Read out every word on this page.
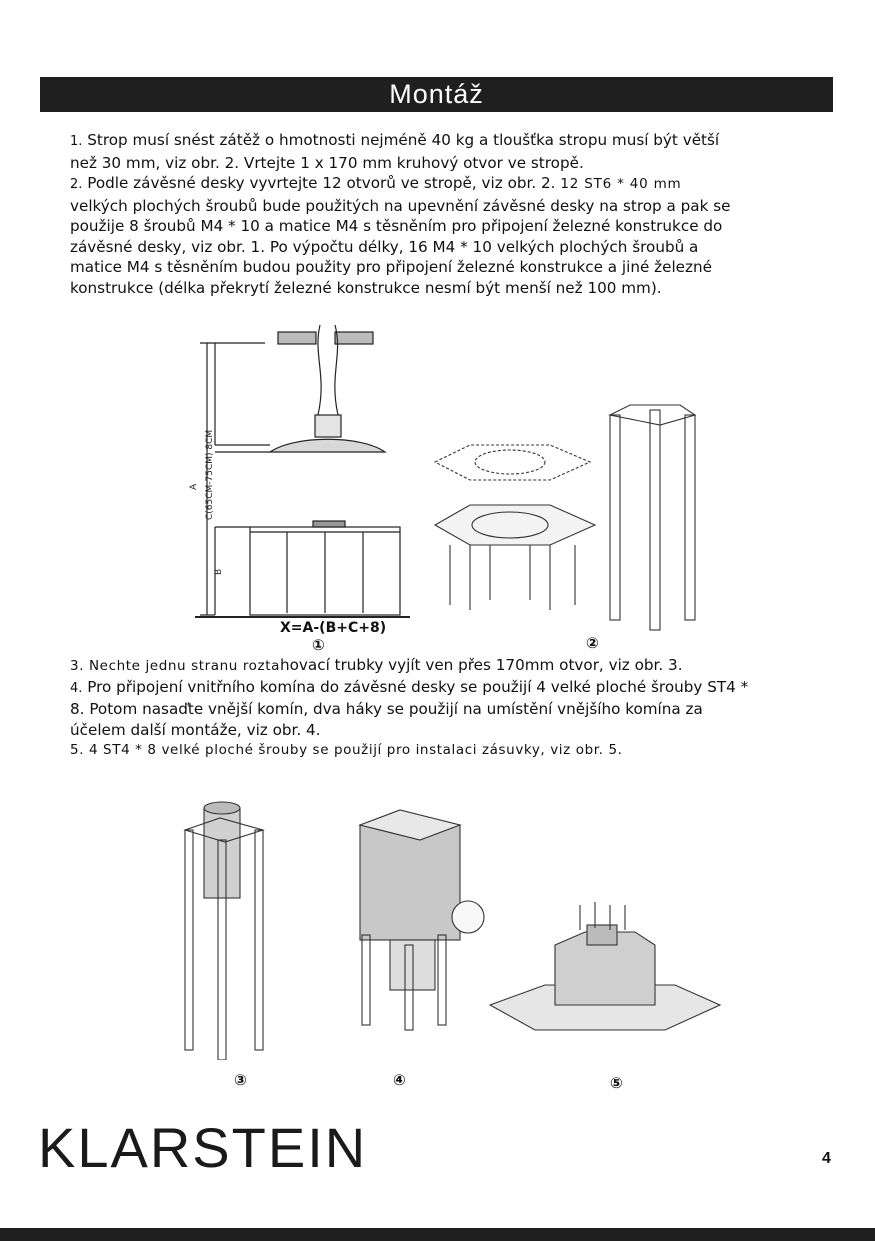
Montáž
1. Strop musí snést zátěž o hmotnosti nejméně 40 kg a tloušťka stropu musí být větší
než 30 mm, viz obr. 2. Vrtejte 1 x 170 mm kruhový otvor ve stropě.
2. Podle závěsné desky vyvrtejte 12 otvorů ve stropě, viz obr. 2. 12 ST6 * 40 mm
velkých plochých šroubů bude použitých na upevnění závěsné desky na strop a pak se
použije 8 šroubů M4 * 10 a matice M4 s těsněním pro připojení železné konstrukce do
závěsné desky, viz obr. 1. Po výpočtu délky, 16 M4 * 10 velkých plochých šroubů a
matice M4 s těsněním budou použity pro připojení železné konstrukce a jiné železné
konstrukce (délka překrytí železné konstrukce nesmí být menší než 100 mm).
C(65CM-75CM) 8CM
A
B
X=A-(B+C+8)
①	②
3. Nechte jednu stranu roztahovací trubky vyjít ven přes 170mm otvor, viz obr. 3.
4. Pro připojení vnitřního komína do závěsné desky se použijí 4 velké ploché šrouby ST4 *
8. Potom nasaďte vnější komín, dva háky se použijí na umístění vnějšího komína za
účelem další montáže, viz obr. 4.
5. 4 ST4 * 8 velké ploché šrouby se použijí pro instalaci zásuvky, viz obr. 5.
③	④	⑤
KLARSTEIN	4
